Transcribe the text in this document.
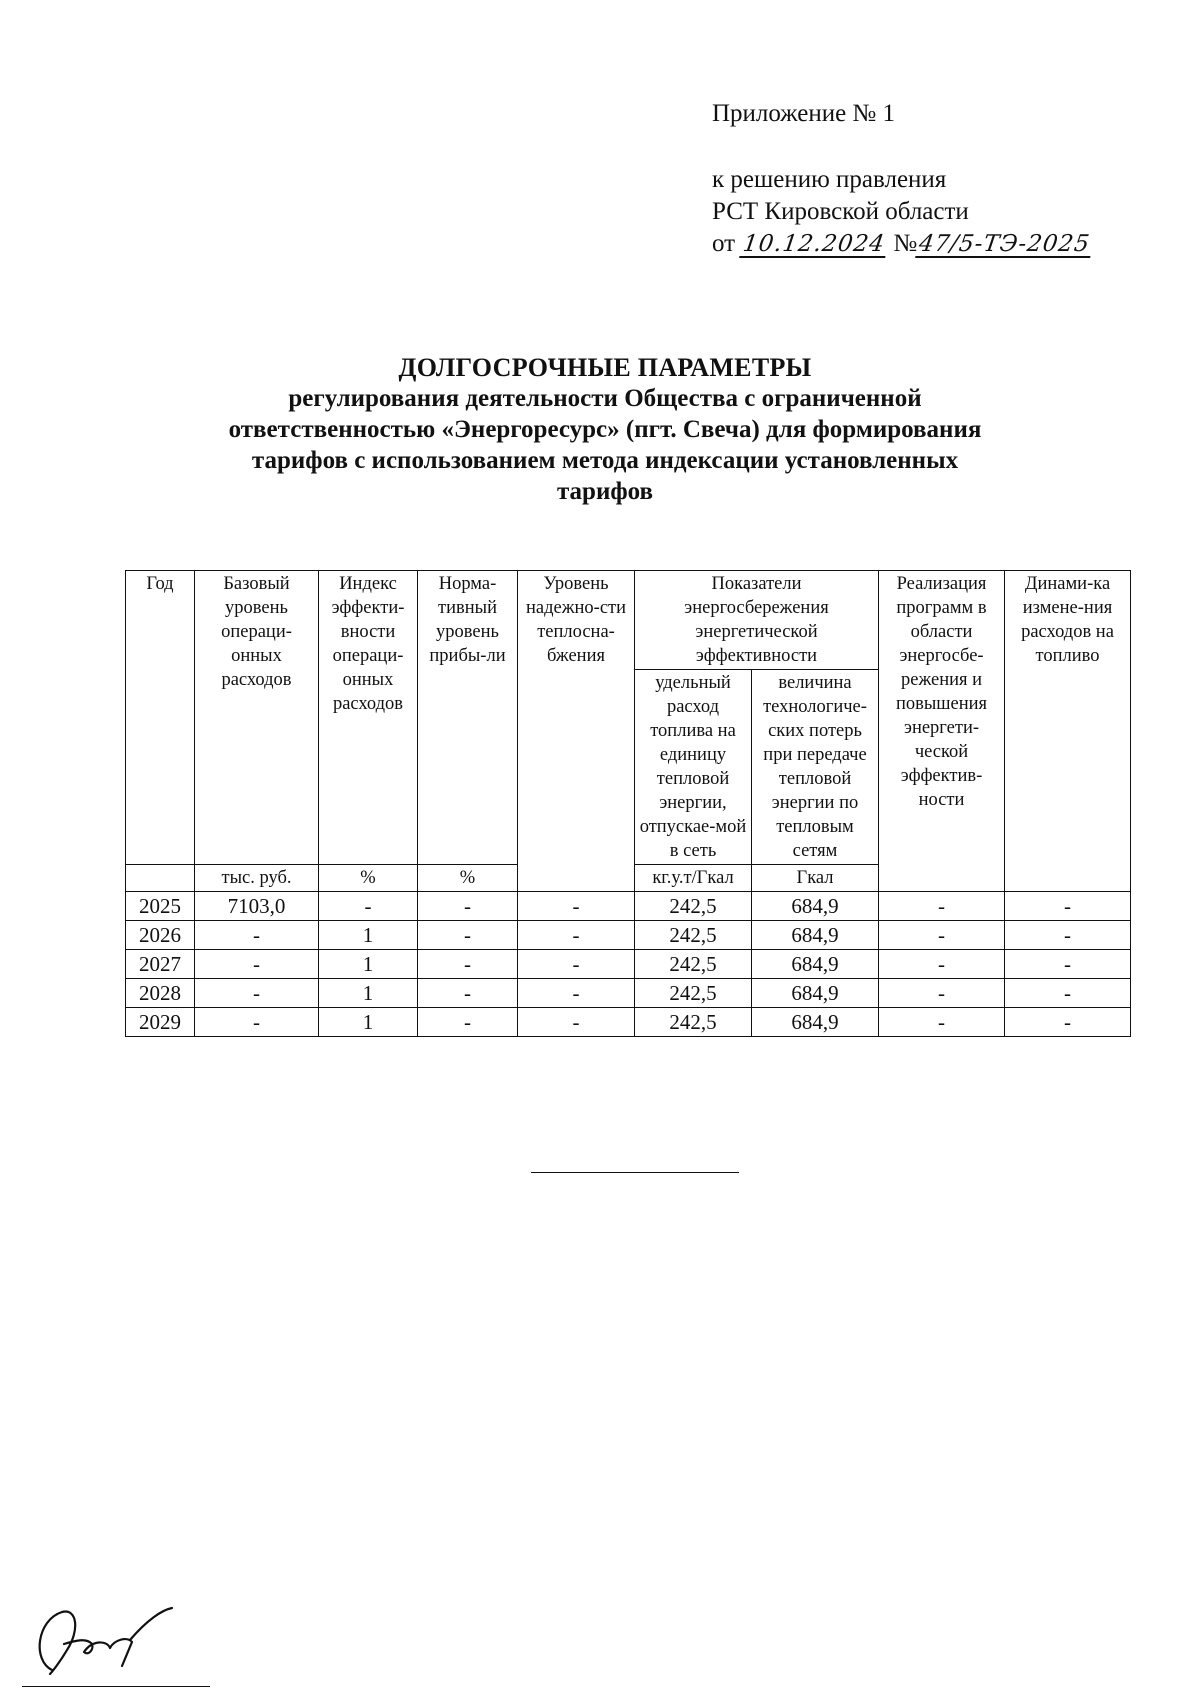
Приложение № 1
к решению правления
РСТ Кировской области
от
10.12.2024
№ 47/5-ТЭ-2025
ДОЛГОСРОЧНЫЕ ПАРАМЕТРЫ
регулирования деятельности Общества с ограниченной
ответственностью «Энергоресурс» (пгт. Свеча) для формирования
тарифов с использованием метода индексации установленных
тарифов
Год	Базовый уровень операци-онных расходов	Индекс эффекти-вности операци-онных расходов	Норма-тивный уровень прибы-ли	Уровень надежно-сти теплосна-бжения	Показатели энергосбережения энергетической эффективности		Реализация программ в области энергосбе-режения и повышения энергети-ческой эффектив-ности	Динами-ка измене-ния расходов на топливо
					удельный расход топлива на единицу тепловой энергии, отпускае-мой в сеть	величина технологиче-ских потерь при передаче тепловой энергии по тепловым сетям		
	тыс. руб.	%	%		кг.у.т/Гкал	Гкал		
2025	7103,0	-	-	-	242,5	684,9	-	-
2026	-	1	-	-	242,5	684,9	-	-
2027	-	1	-	-	242,5	684,9	-	-
2028	-	1	-	-	242,5	684,9	-	-
2029	-	1	-	-	242,5	684,9	-	-
